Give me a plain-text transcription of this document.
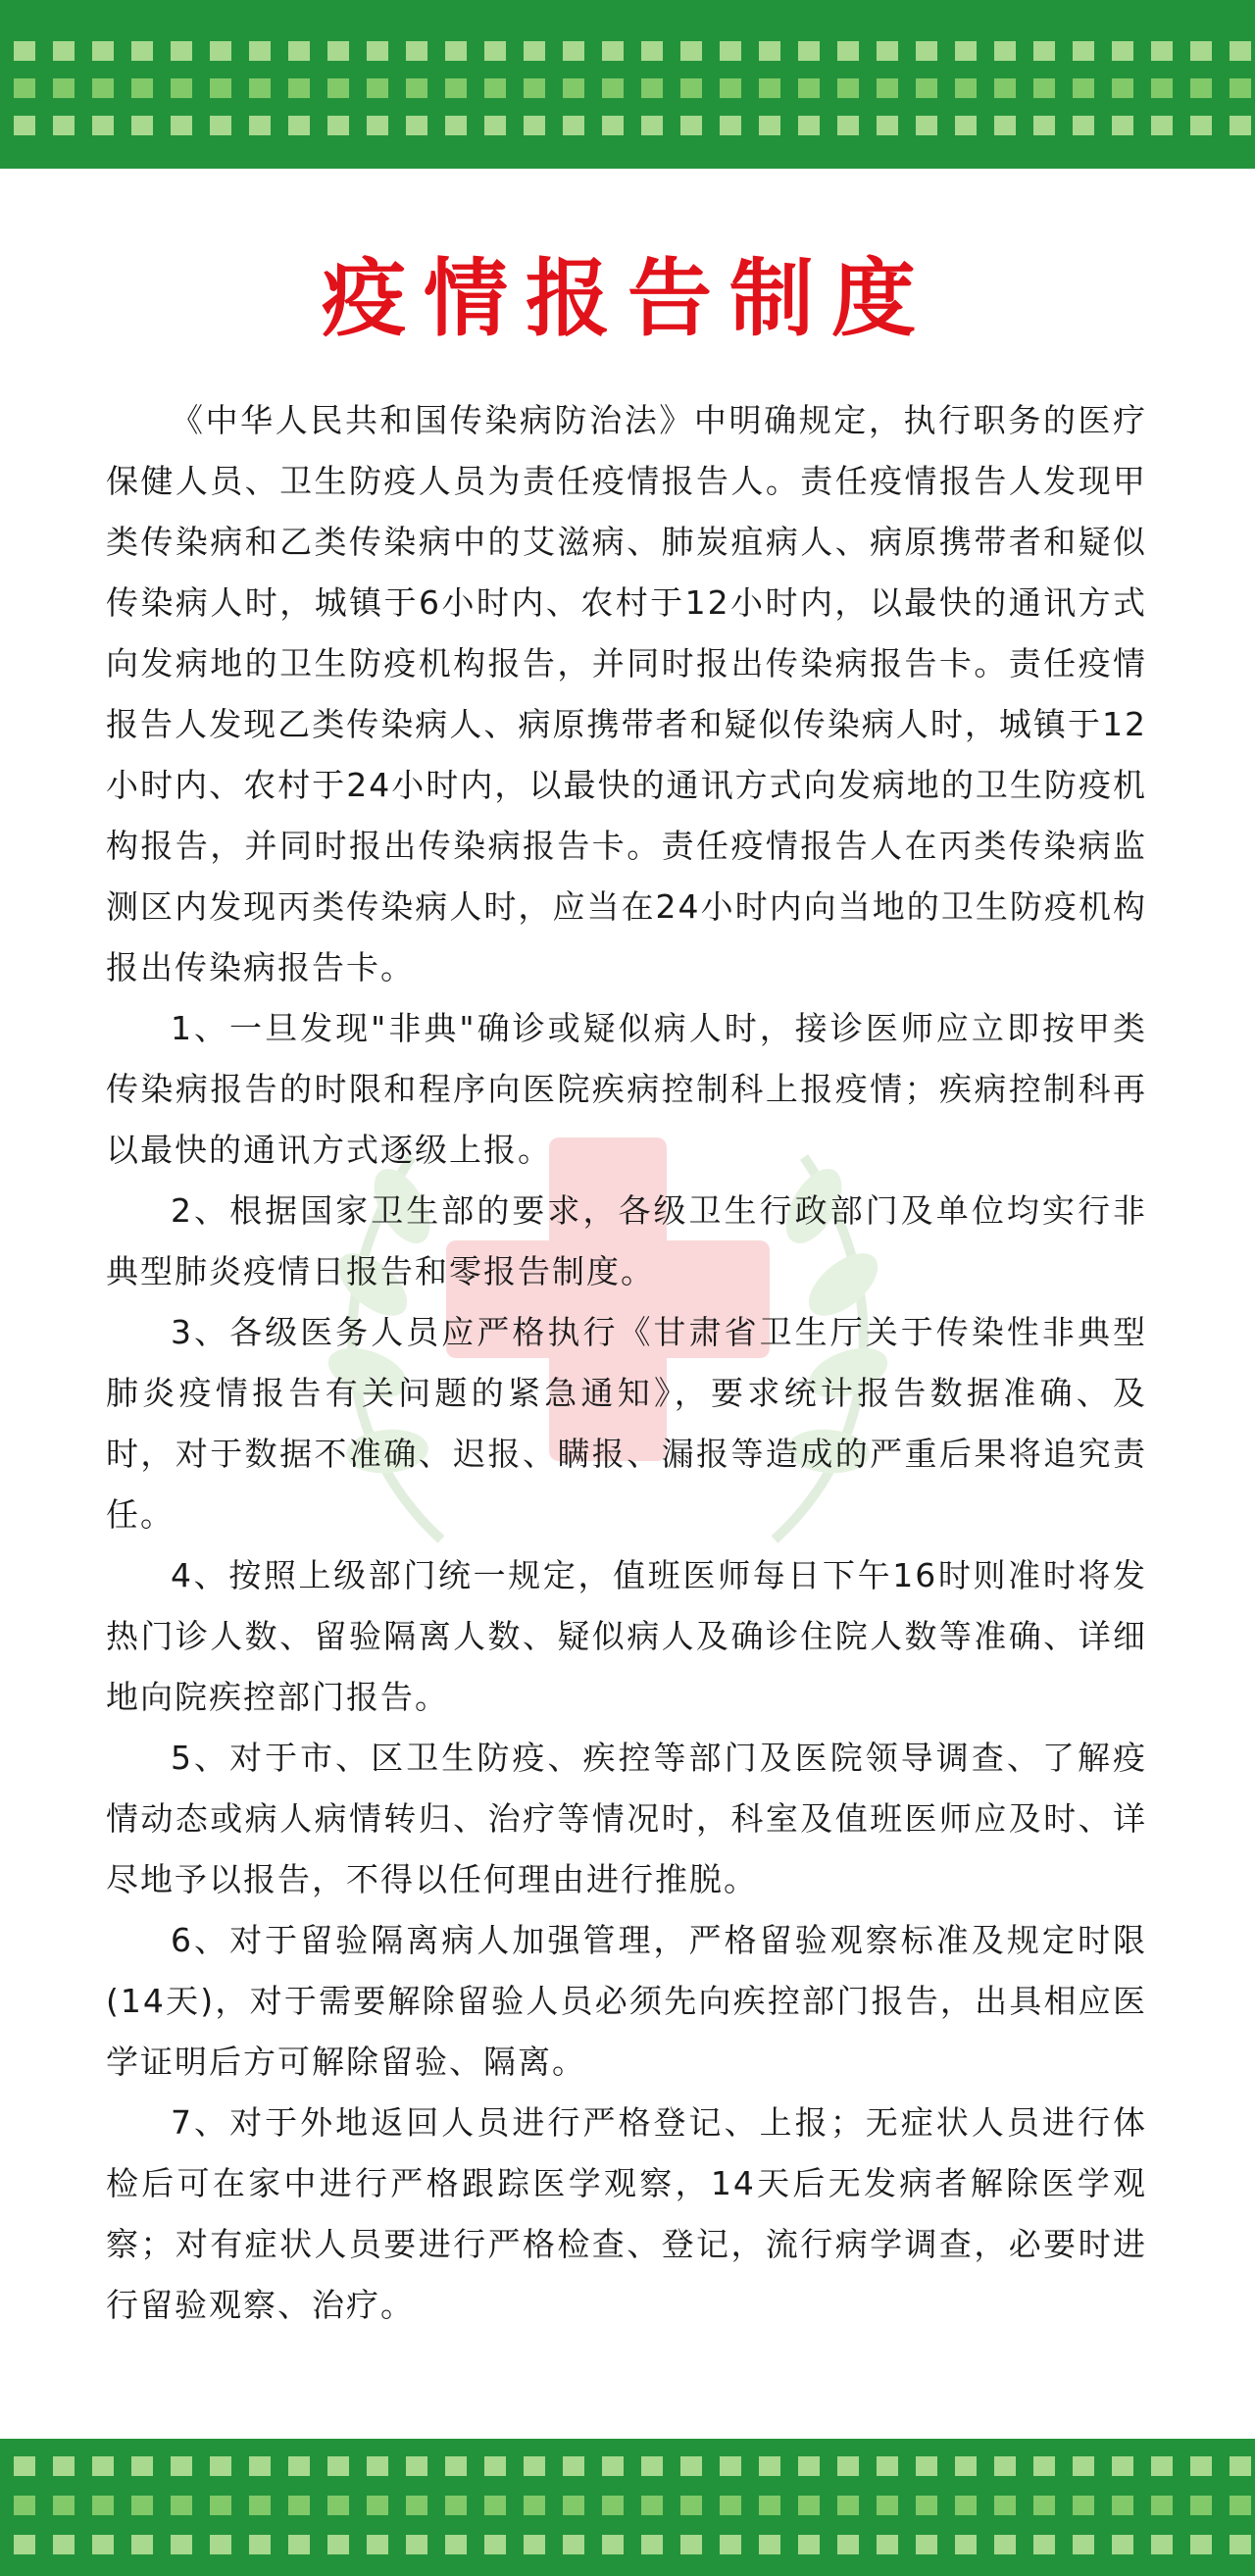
疫情报告制度

《中华人民共和国传染病防治法》中明确规定，执行职务的医疗保健人员、卫生防疫人员为责任疫情报告人。责任疫情报告人发现甲类传染病和乙类传染病中的艾滋病、肺炭疽病人、病原携带者和疑似传染病人时，城镇于6小时内、农村于12小时内，以最快的通讯方式向发病地的卫生防疫机构报告，并同时报出传染病报告卡。责任疫情报告人发现乙类传染病人、病原携带者和疑似传染病人时，城镇于12小时内、农村于24小时内，以最快的通讯方式向发病地的卫生防疫机构报告，并同时报出传染病报告卡。责任疫情报告人在丙类传染病监测区内发现丙类传染病人时，应当在24小时内向当地的卫生防疫机构报出传染病报告卡。

1、一旦发现"非典"确诊或疑似病人时，接诊医师应立即按甲类传染病报告的时限和程序向医院疾病控制科上报疫情；疾病控制科再以最快的通讯方式逐级上报。

2、根据国家卫生部的要求，各级卫生行政部门及单位均实行非典型肺炎疫情日报告和零报告制度。

3、各级医务人员应严格执行《甘肃省卫生厅关于传染性非典型肺炎疫情报告有关问题的紧急通知》，要求统计报告数据准确、及时，对于数据不准确、迟报、瞒报、漏报等造成的严重后果将追究责任。

4、按照上级部门统一规定，值班医师每日下午16时则准时将发热门诊人数、留验隔离人数、疑似病人及确诊住院人数等准确、详细地向院疾控部门报告。

5、对于市、区卫生防疫、疾控等部门及医院领导调查、了解疫情动态或病人病情转归、治疗等情况时，科室及值班医师应及时、详尽地予以报告，不得以任何理由进行推脱。

6、对于留验隔离病人加强管理，严格留验观察标准及规定时限(14天)，对于需要解除留验人员必须先向疾控部门报告，出具相应医学证明后方可解除留验、隔离。

7、对于外地返回人员进行严格登记、上报；无症状人员进行体检后可在家中进行严格跟踪医学观察，14天后无发病者解除医学观察；对有症状人员要进行严格检查、登记，流行病学调查，必要时进行留验观察、治疗。
